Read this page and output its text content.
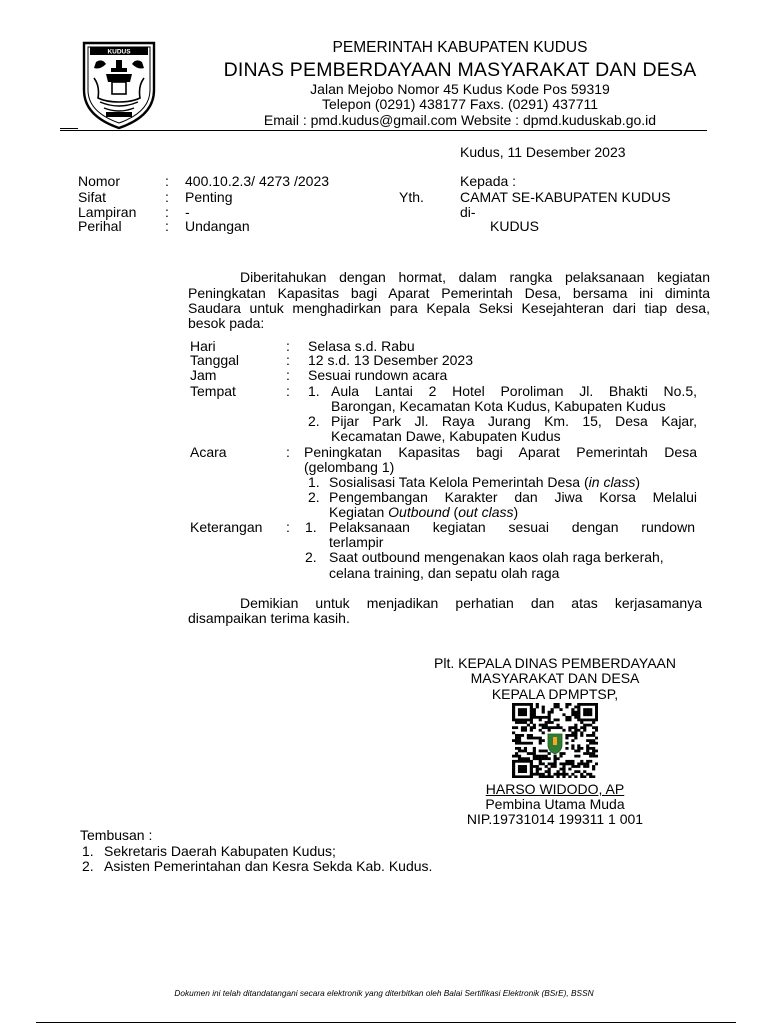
KUDUS	PEMERINTAH KABUPATEN KUDUS
DINAS PEMBERDAYAAN MASYARAKAT DAN DESA
Jalan Mejobo Nomor 45 Kudus Kode Pos 59319
Telepon (0291) 438177 Faxs. (0291) 437711
Email : pmd.kudus@gmail.com Website : dpmd.kuduskab.go.id
Kudus, 11 Desember 2023
Nomor	: 400.10.2.3/ 4273 /2023
Sifat	: Penting
Lampiran : -
Perihal	: Undangan
Kepada :
Yth.	CAMAT SE-KABUPATEN KUDUS
di-
KUDUS
Diberitahukan dengan hormat, dalam rangka pelaksanaan kegiatan
Peningkatan Kapasitas bagi Aparat Pemerintah Desa, bersama ini diminta
Saudara untuk menghadirkan para Kepala Seksi Kesejahteran dari tiap desa,
besok pada:
Hari	: Selasa s.d. Rabu
Tanggal	: 12 s.d. 13 Desember 2023
Jam	: Sesuai rundown acara
Tempat	: 1. Aula Lantai 2 Hotel Poroliman Jl. Bhakti No.5,
Barongan, Kecamatan Kota Kudus, Kabupaten Kudus
2. Pijar Park Jl. Raya Jurang Km. 15, Desa Kajar,
Kecamatan Dawe, Kabupaten Kudus
Acara	: Peningkatan Kapasitas bagi Aparat Pemerintah Desa
(gelombang 1)
1. Sosialisasi Tata Kelola Pemerintah Desa (in class)
2. Pengembangan Karakter dan Jiwa Korsa Melalui
Kegiatan Outbound (out class)
Keterangan : 1. Pelaksanaan kegiatan sesuai dengan rundown
terlampir
2. Saat outbound mengenakan kaos olah raga berkerah,
celana training, dan sepatu olah raga
Demikian untuk menjadikan perhatian dan atas kerjasamanya
disampaikan terima kasih.
Plt. KEPALA DINAS PEMBERDAYAAN
MASYARAKAT DAN DESA
KEPALA DPMPTSP,
HARSO WIDODO, AP
Pembina Utama Muda
NIP.19731014 199311 1 001
Tembusan :
1. Sekretaris Daerah Kabupaten Kudus;
2. Asisten Pemerintahan dan Kesra Sekda Kab. Kudus.
Dokumen ini telah ditandatangani secara elektronik yang diterbitkan oleh Balai Sertifikasi Elektronik (BSrE), BSSN
